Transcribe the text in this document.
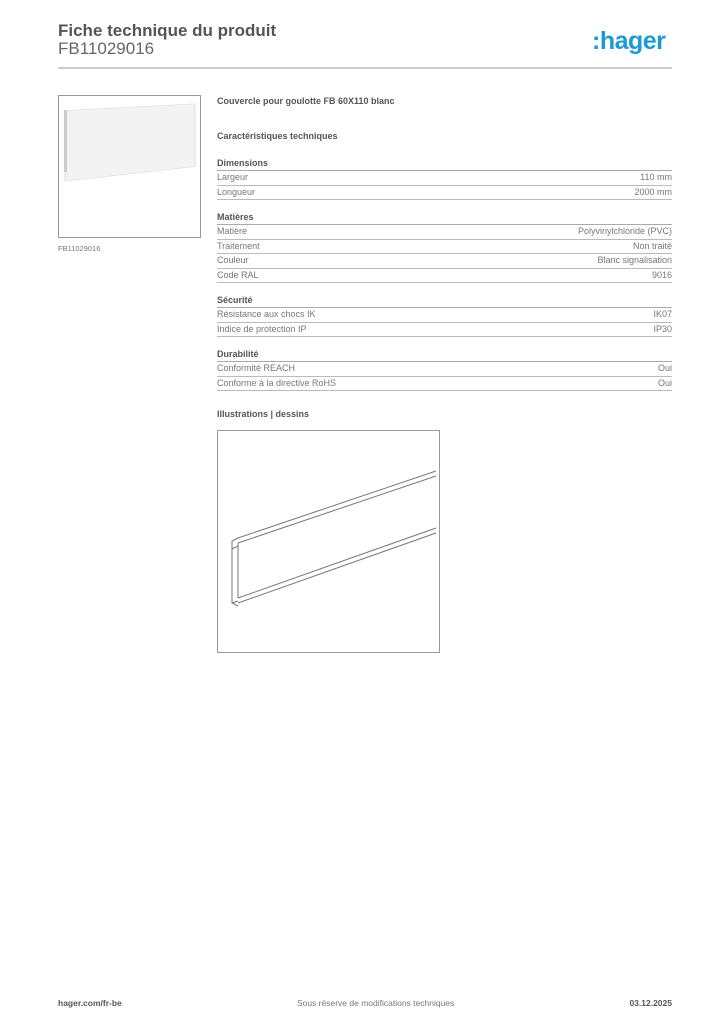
Fiche technique du produit
FB11029016	:hager
FB11029016
Couvercle pour goulotte FB 60X110 blanc
Caractéristiques techniques
Dimensions
Largeur	110 mm
Longueur	2000 mm
Matières
Matière	Polyvinylchloride (PVC)
Traitement	Non traité
Couleur	Blanc signalisation
Code RAL	9016
Sécurité
Résistance aux chocs IK	IK07
Indice de protection IP	IP30
Durabilité
Conformité REACH	Oui
Conforme à la directive RoHS	Oui
Illustrations | dessins
hager.com/fr-be	Sous réserve de modifications techniques	03.12.2025
